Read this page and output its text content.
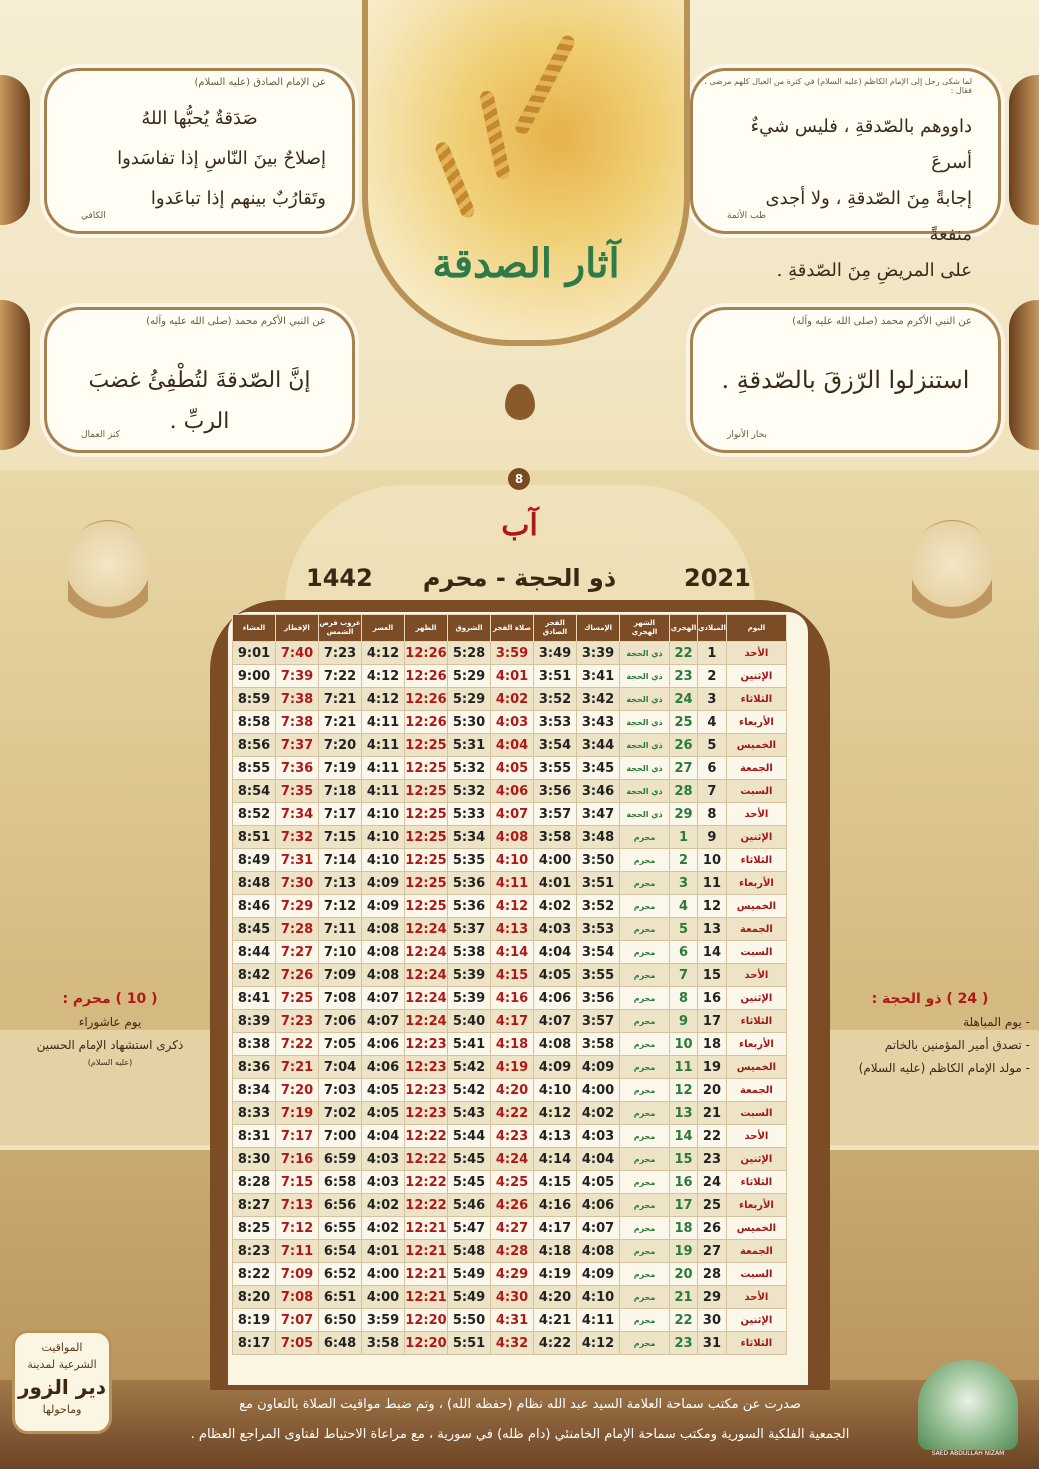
لما شكى رجل إلى الإمام الكاظم (عليه السلام) في كثرة من العيال كلهم مرضى ، فقال :
داووهم بالصّدقةِ ، فليس شيءٌ أسرعَ
إجابةً مِنَ الصّدقةِ ، ولا أجدى منفعةً
على المريضِ مِنَ الصّدقةِ .
طب الأئمة
عن الإمام الصادق (عليه السلام)
صَدَقةٌ يُحبُّها اللهُ
إصلاحٌ بينَ النّاسِ إذا تفاسَدوا
وتَقارُبٌ بينهم إذا تباعَدوا
الكافي
عن النبي الأكرم محمد (صلى الله عليه وآله)
استنزلوا الرّزقَ بالصّدقةِ .
بحار الأنوار
عن النبي الأكرم محمد (صلى الله عليه وآله)
إنَّ الصّدقةَ لتُطْفِئُ غضبَ الربِّ .
كنز العمال
آثار الصدقة
8
آب
ذو الحجة - محرم	2021
1442
اليوم	الميلادي	الهجري	الشهر الهجري	الإمساك	الفجر الصادق	صلاة الفجر	الشروق	الظهر	العصر	غروب قرص الشمس	الإفطار	العشاء
الأحد	1	22	ذي الحجة	3:39	3:49	3:59	5:28	12:26	4:12	7:23	7:40	9:01
الإثنين	2	23	ذي الحجة	3:41	3:51	4:01	5:29	12:26	4:12	7:22	7:39	9:00
الثلاثاء	3	24	ذي الحجة	3:42	3:52	4:02	5:29	12:26	4:12	7:21	7:38	8:59
الأربعاء	4	25	ذي الحجة	3:43	3:53	4:03	5:30	12:26	4:11	7:21	7:38	8:58
الخميس	5	26	ذي الحجة	3:44	3:54	4:04	5:31	12:25	4:11	7:20	7:37	8:56
الجمعة	6	27	ذي الحجة	3:45	3:55	4:05	5:32	12:25	4:11	7:19	7:36	8:55
السبت	7	28	ذي الحجة	3:46	3:56	4:06	5:32	12:25	4:11	7:18	7:35	8:54
الأحد	8	29	ذي الحجة	3:47	3:57	4:07	5:33	12:25	4:10	7:17	7:34	8:52
الإثنين	9	1	محرم	3:48	3:58	4:08	5:34	12:25	4:10	7:15	7:32	8:51
الثلاثاء	10	2	محرم	3:50	4:00	4:10	5:35	12:25	4:10	7:14	7:31	8:49
الأربعاء	11	3	محرم	3:51	4:01	4:11	5:36	12:25	4:09	7:13	7:30	8:48
الخميس	12	4	محرم	3:52	4:02	4:12	5:36	12:25	4:09	7:12	7:29	8:46
الجمعة	13	5	محرم	3:53	4:03	4:13	5:37	12:24	4:08	7:11	7:28	8:45
السبت	14	6	محرم	3:54	4:04	4:14	5:38	12:24	4:08	7:10	7:27	8:44
الأحد	15	7	محرم	3:55	4:05	4:15	5:39	12:24	4:08	7:09	7:26	8:42
الإثنين	16	8	محرم	3:56	4:06	4:16	5:39	12:24	4:07	7:08	7:25	8:41
الثلاثاء	17	9	محرم	3:57	4:07	4:17	5:40	12:24	4:07	7:06	7:23	8:39
الأربعاء	18	10	محرم	3:58	4:08	4:18	5:41	12:23	4:06	7:05	7:22	8:38
الخميس	19	11	محرم	4:09	4:09	4:19	5:42	12:23	4:06	7:04	7:21	8:36
الجمعة	20	12	محرم	4:00	4:10	4:20	5:42	12:23	4:05	7:03	7:20	8:34
السبت	21	13	محرم	4:02	4:12	4:22	5:43	12:23	4:05	7:02	7:19	8:33
الأحد	22	14	محرم	4:03	4:13	4:23	5:44	12:22	4:04	7:00	7:17	8:31
الإثنين	23	15	محرم	4:04	4:14	4:24	5:45	12:22	4:03	6:59	7:16	8:30
الثلاثاء	24	16	محرم	4:05	4:15	4:25	5:45	12:22	4:03	6:58	7:15	8:28
الأربعاء	25	17	محرم	4:06	4:16	4:26	5:46	12:22	4:02	6:56	7:13	8:27
الخميس	26	18	محرم	4:07	4:17	4:27	5:47	12:21	4:02	6:55	7:12	8:25
الجمعة	27	19	محرم	4:08	4:18	4:28	5:48	12:21	4:01	6:54	7:11	8:23
السبت	28	20	محرم	4:09	4:19	4:29	5:49	12:21	4:00	6:52	7:09	8:22
الأحد	29	21	محرم	4:10	4:20	4:30	5:49	12:21	4:00	6:51	7:08	8:20
الإثنين	30	22	محرم	4:11	4:21	4:31	5:50	12:20	3:59	6:50	7:07	8:19
الثلاثاء	31	23	محرم	4:12	4:22	4:32	5:51	12:20	3:58	6:48	7:05	8:17
( 24 ) ذو الحجة :
- يوم المباهلة
- تصدق أمير المؤمنين بالخاتم
- مولد الإمام الكاظم (عليه السلام)
( 10 ) محرم :
يوم عاشوراء
ذكرى استشهاد الإمام الحسين
(عليه السلام)
المواقيت
الشرعية لمدينة
دير الزور
وماحولها	صدرت عن مكتب سماحة العلامة السيد عبد الله نظام (حفظه الله) ، وتم ضبط مواقيت الصلاة بالتعاون مع
الجمعية الفلكية السورية ومكتب سماحة الإمام الخامنئي (دام ظله) في سورية ، مع مراعاة الاحتياط لفتاوى المراجع العظام .
SAED ABDULLAH NIZAM
